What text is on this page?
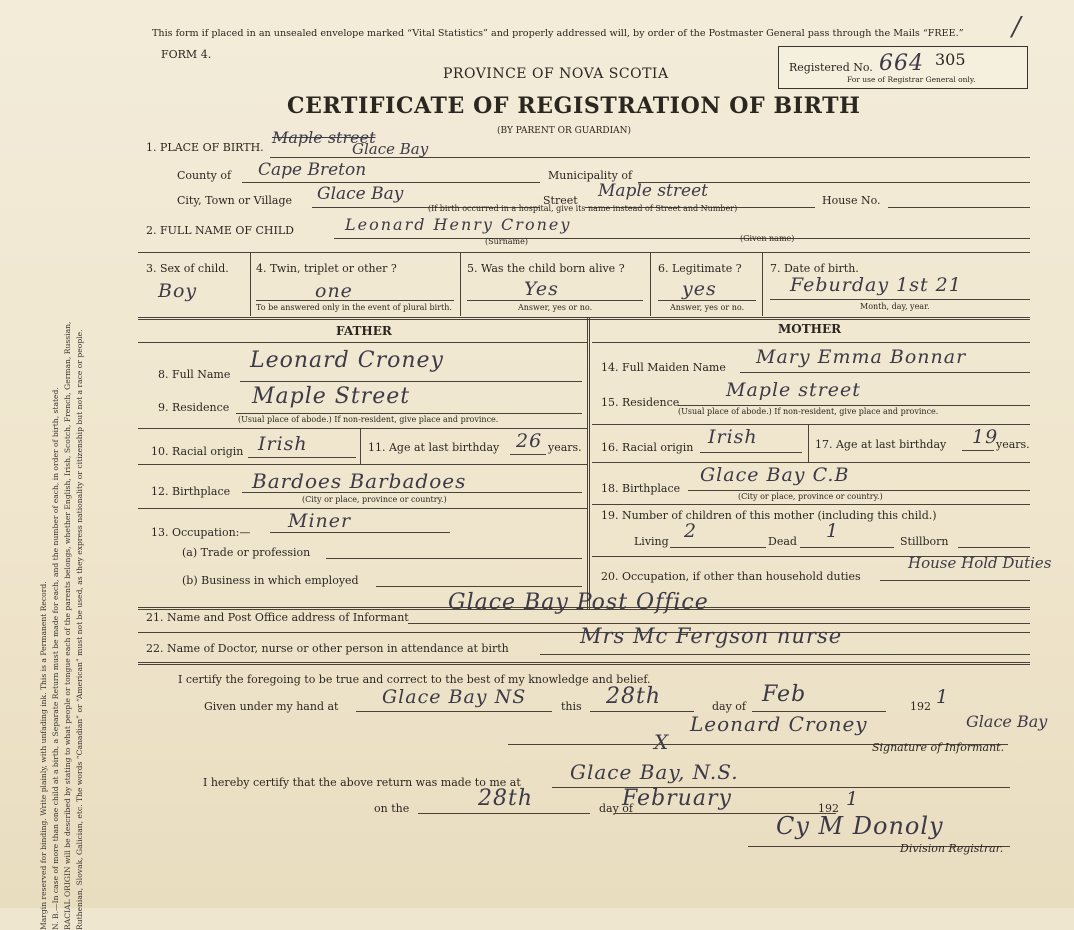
Margin reserved for binding. Write plainly, with unfading ink. This is a Permanent Record. N. B.—In case of more than one child at a birth, a Separate Return must be made for each, and the number of each, in order of birth, stated. RACIAL ORIGIN will be described by stating to what people or tongue each of the parents belongs, whether English, Irish, Scotch, French, German, Russian, Ruthenian, Slovak, Galician, etc. The words “Canadian” or “American” must not be used, as they express nationality or citizenship but not a race or people.
This form if placed in an unsealed envelope marked “Vital Statistics” and properly addressed will, by order of the Postmaster General pass through the Mails “FREE.”
FORM 4.
PROVINCE OF NOVA SCOTIA
CERTIFICATE OF REGISTRATION OF BIRTH
(BY PARENT OR GUARDIAN)
Registered No. 664 305
For use of Registrar General only.
/
1. PLACE OF BIRTH.
Maple street
Glace Bay
County of Cape Breton	Municipality of
City, Town or Village Glace Bay	Street Maple street	House No.
(If birth occurred in a hospital, give its name instead of Street and Number)
2. FULL NAME OF CHILD	Leonard Henry Croney
(Surname)	(Given name)
3. Sex of child.
Boy
4. Twin, triplet or other ?
one
To be answered only in the event of plural birth.
5. Was the child born alive ?
Yes
Answer, yes or no.
6. Legitimate ?
yes
Answer, yes or no.
7. Date of birth.
Feburday 1st 21
Month, day, year.
FATHER	MOTHER
8. Full Name
Leonard Croney
9. Residence Maple Street
(Usual place of abode.) If non-resident, give place and province.
10. Racial origin Irish	11. Age at last birthday 26 years.
12. Birthplace Bardoes Barbadoes
(City or place, province or country.)
13. Occupation:—
Miner
(a) Trade or profession
(b) Business in which employed
14. Full Maiden Name Mary Emma Bonnar
15. Residence
Maple street
(Usual place of abode.) If non-resident, give place and province.
16. Racial origin Irish	17. Age at last birthday 19
years.
18. Birthplace
Glace Bay C.B
(City or place, province or country.)
19. Number of children of this mother (including this child.)
Living 2	Dead 1	Stillborn
20. Occupation, if other than household duties
House Hold Duties
21. Name and Post Office address of Informant
Glace Bay Post Office
22. Name of Doctor, nurse or other person in attendance at birth
Mrs Mc Fergson nurse
I certify the foregoing to be true and correct to the best of my knowledge and belief.
Given under my hand at Glace Bay NS	this 28th	day of Feb	192 1
X
Leonard Croney	Glace Bay
Signature of Informant.
I hereby certify that the above return was made to me at Glace Bay, N.S.
on the	28th	day of
February	192 1
Cy M Donoly
Division Registrar.
